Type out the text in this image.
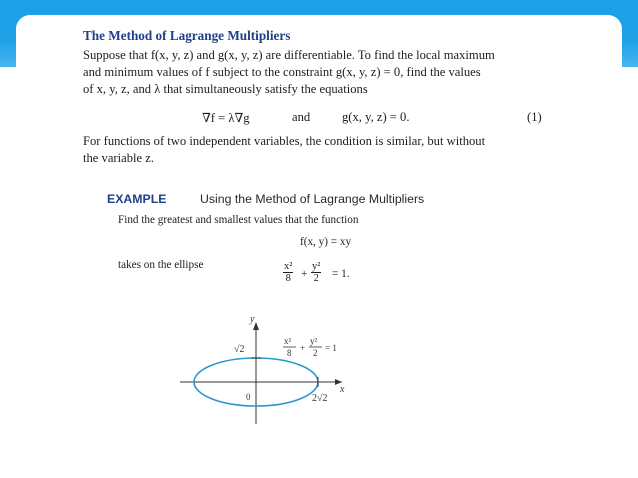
The Method of Lagrange Multipliers
Suppose that f(x, y, z) and g(x, y, z) are differentiable. To find the local maximum
and minimum values of f subject to the constraint g(x, y, z) = 0, find the values
of x, y, z, and λ that simultaneously satisfy the equations
∇f = λ∇g	and	g(x, y, z) = 0.	(1)
For functions of two independent variables, the condition is similar, but without
the variable z.
EXAMPLE	Using the Method of Lagrange Multipliers
Find the greatest and smallest values that the function
f(x, y) = xy
takes on the ellipse	$\frac{\text{x²}}{8} + \frac{\text{y²}}{2} = 1$.
y
x
√2
0	2√2
x²
8 +
y²
2 = 1
